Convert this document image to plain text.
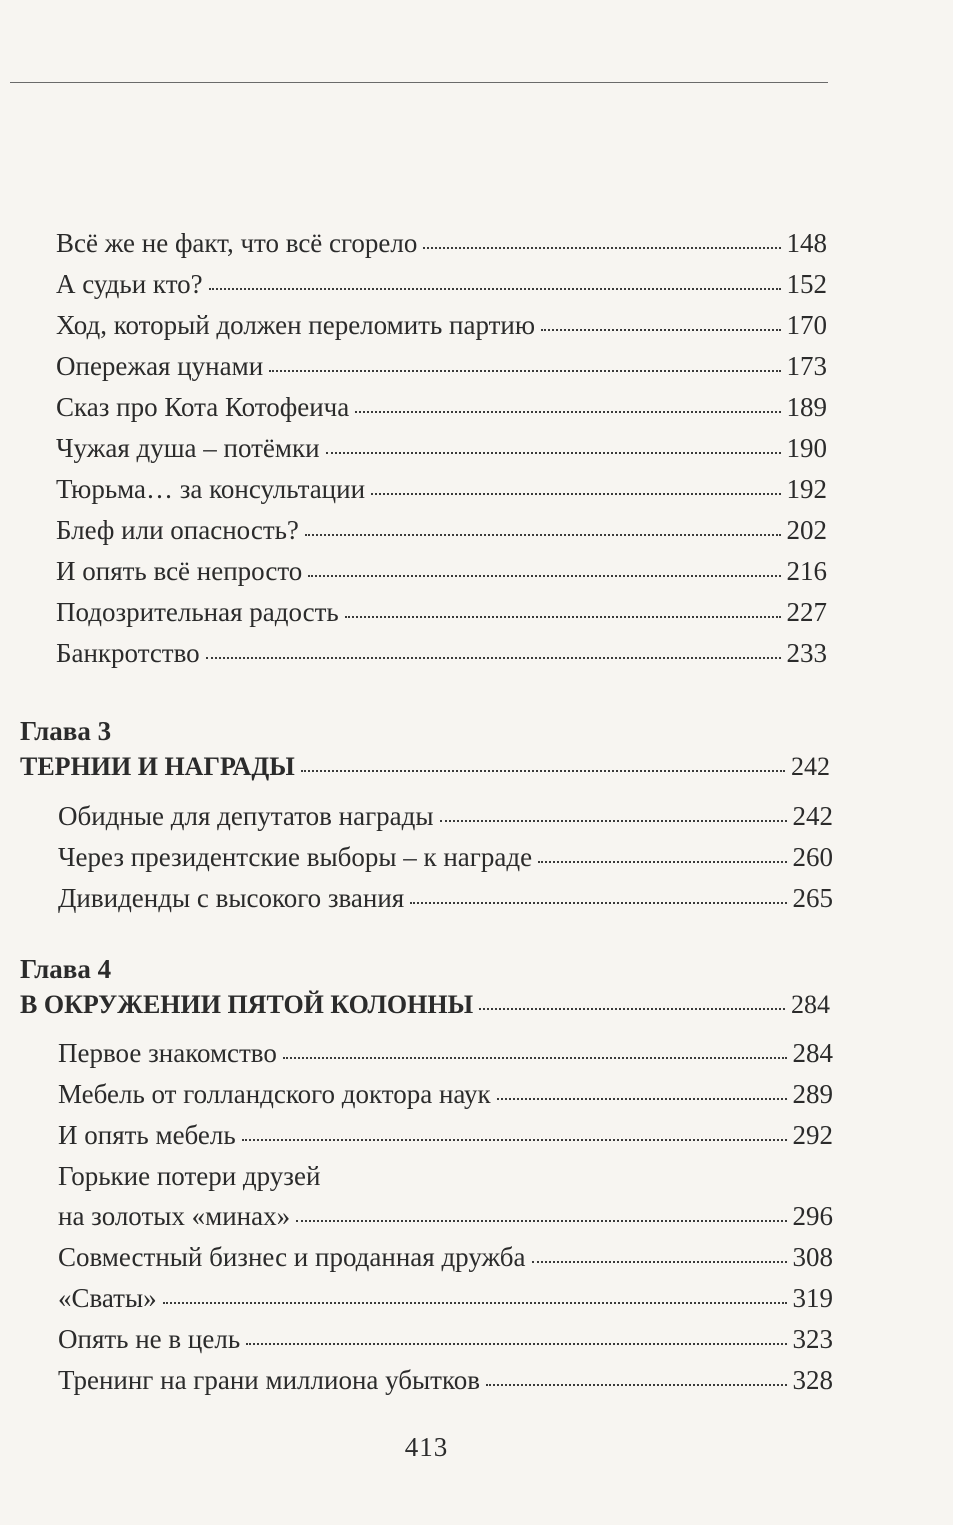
Всё же не факт, что всё сгорело	148
А судьи кто?	152
Ход, который должен переломить партию	170
Опережая цунами	173
Сказ про Кота Котофеича	189
Чужая душа – потёмки	190
Тюрьма… за консультации	192
Блеф или опасность?	202
И опять всё непросто	216
Подозрительная радость	227
Банкротство	233
Глава 3
ТЕРНИИ И НАГРАДЫ	242
Обидные для депутатов награды	242
Через президентские выборы – к награде	260
Дивиденды с высокого звания	265
Глава 4
В ОКРУЖЕНИИ ПЯТОЙ КОЛОННЫ	284
Первое знакомство	284
Мебель от голландского доктора наук	289
И опять мебель	292
Горькие потери друзей
на золотых «минах»	296
Совместный бизнес и проданная дружба	308
«Сваты»	319
Опять не в цель	323
Тренинг на грани миллиона убытков	328
413
